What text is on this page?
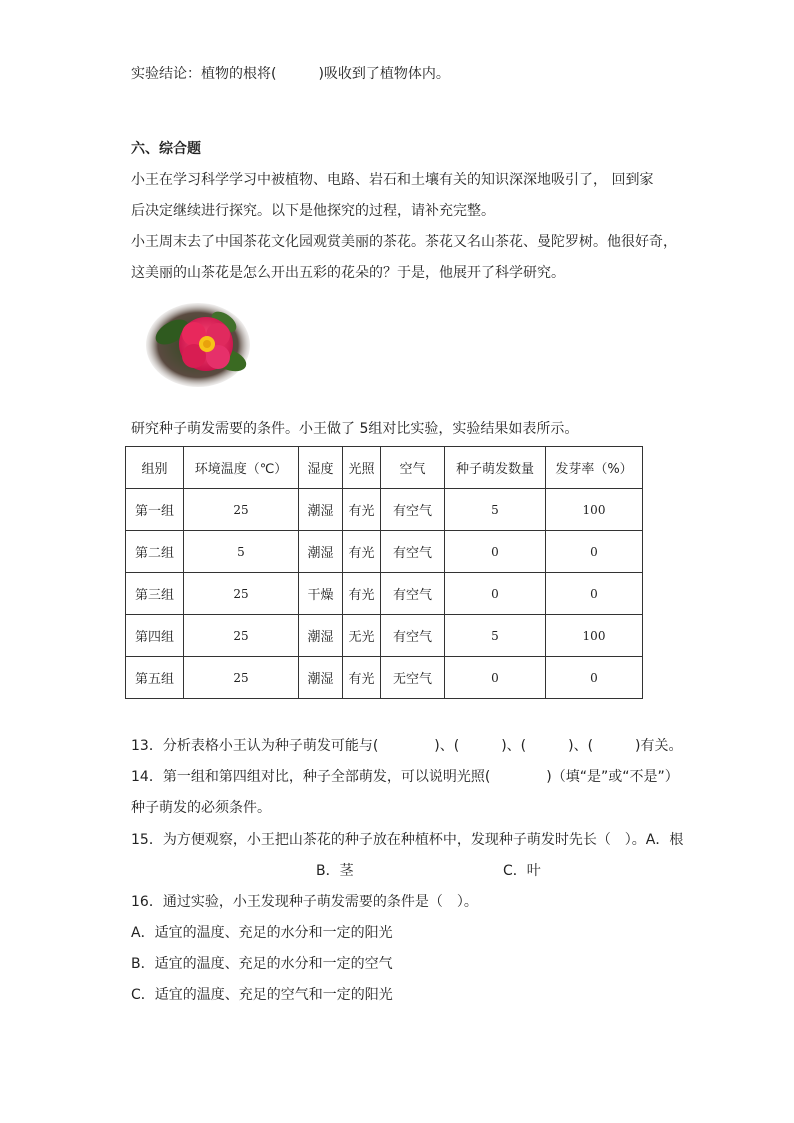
实验结论：植物的根将(　　　)吸收到了植物体内。
六、综合题
小王在学习科学学习中被植物、电路、岩石和土壤有关的知识深深地吸引了， 回到家
后决定继续进行探究。以下是他探究的过程，请补充完整。
小王周末去了中国茶花文化园观赏美丽的茶花。茶花又名山茶花、曼陀罗树。他很好奇，
这美丽的山茶花是怎么开出五彩的花朵的？于是，他展开了科学研究。
研究种子萌发需要的条件。小王做了 5组对比实验，实验结果如表所示。
组别	环境温度（℃）	湿度	光照	空气	种子萌发数量	发芽率（%）
第一组	25	潮湿	有光	有空气	5	100
第二组	5	潮湿	有光	有空气	0	0
第三组	25	干燥	有光	有空气	0	0
第四组	25	潮湿	无光	有空气	5	100
第五组	25	潮湿	有光	无空气	0	0
13．分析表格小王认为种子萌发可能与(　　　　)、(　　　)、(　　　)、(　　　)有关。
14．第一组和第四组对比，种子全部萌发，可以说明光照(　　　　)（填“是”或“不是”）
种子萌发的必须条件。
15．为方便观察，小王把山茶花的种子放在种植杯中，发现种子萌发时先长（　）。A．根
B．茎	C．叶
16．通过实验，小王发现种子萌发需要的条件是（　）。
A．适宜的温度、充足的水分和一定的阳光
B．适宜的温度、充足的水分和一定的空气
C．适宜的温度、充足的空气和一定的阳光
